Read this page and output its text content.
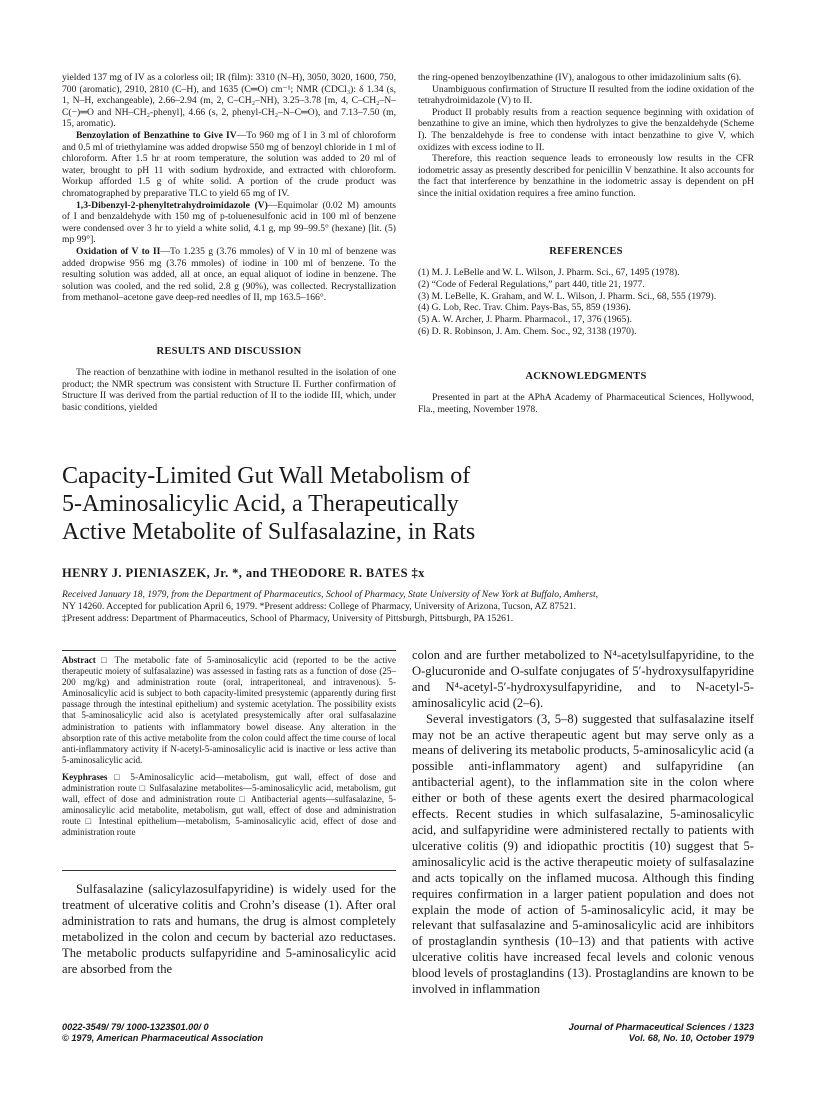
yielded 137 mg of IV as a colorless oil; IR (film): 3310 (N–H), 3050, 3020, 1600, 750, 700 (aromatic), 2910, 2810 (C–H), and 1635 (C═O) cm⁻¹; NMR (CDCl₃): δ 1.34 (s, 1, N–H, exchangeable), 2.66–2.94 (m, 2, C–CH₂–NH), 3.25–3.78 [m, 4, C–CH₂–N–C(−)═O and NH–CH₂-phenyl], 4.66 (s, 2, phenyl-CH₂–N–C═O), and 7.13–7.50 (m, 15, aromatic).

Benzoylation of Benzathine to Give IV—To 960 mg of I in 3 ml of chloroform and 0.5 ml of triethylamine was added dropwise 550 mg of benzoyl chloride in 1 ml of chloroform. After 1.5 hr at room temperature, the solution was added to 20 ml of water, brought to pH 11 with sodium hydroxide, and extracted with chloroform. Workup afforded 1.5 g of white solid. A portion of the crude product was chromatographed by preparative TLC to yield 65 mg of IV.

1,3-Dibenzyl-2-phenyltetrahydroimidazole (V)—Equimolar (0.02 M) amounts of I and benzaldehyde with 150 mg of p-toluenesulfonic acid in 100 ml of benzene were condensed over 3 hr to yield a white solid, 4.1 g, mp 99–99.5° (hexane) [lit. (5) mp 99°].

Oxidation of V to II—To 1.235 g (3.76 mmoles) of V in 10 ml of benzene was added dropwise 956 mg (3.76 mmoles) of iodine in 100 ml of benzene. To the resulting solution was added, all at once, an equal aliquot of iodine in benzene. The solution was cooled, and the red solid, 2.8 g (90%), was collected. Recrystallization from methanol–acetone gave deep-red needles of II, mp 163.5–166°.

RESULTS AND DISCUSSION

The reaction of benzathine with iodine in methanol resulted in the isolation of one product; the NMR spectrum was consistent with Structure II. Further confirmation of Structure II was derived from the partial reduction of II to the iodide III, which, under basic conditions, yielded

the ring-opened benzoylbenzathine (IV), analogous to other imidazolinium salts (6).

Unambiguous confirmation of Structure II resulted from the iodine oxidation of the tetrahydroimidazole (V) to II.

Product II probably results from a reaction sequence beginning with oxidation of benzathine to give an imine, which then hydrolyzes to give the benzaldehyde (Scheme I). The benzaldehyde is free to condense with intact benzathine to give V, which oxidizes with excess iodine to II.

Therefore, this reaction sequence leads to erroneously low results in the CFR iodometric assay as presently described for penicillin V benzathine. It also accounts for the fact that interference by benzathine in the iodometric assay is dependent on pH since the initial oxidation requires a free amino function.

REFERENCES
(1) M. J. LeBelle and W. L. Wilson, J. Pharm. Sci., 67, 1495 (1978).
(2) “Code of Federal Regulations,” part 440, title 21, 1977.
(3) M. LeBelle, K. Graham, and W. L. Wilson, J. Pharm. Sci., 68, 555 (1979).
(4) G. Lob, Rec. Trav. Chim. Pays-Bas, 55, 859 (1936).
(5) A. W. Archer, J. Pharm. Pharmacol., 17, 376 (1965).
(6) D. R. Robinson, J. Am. Chem. Soc., 92, 3138 (1970).
ACKNOWLEDGMENTS

Presented in part at the APhA Academy of Pharmaceutical Sciences, Hollywood, Fla., meeting, November 1978.

Capacity-Limited Gut Wall Metabolism of
5-Aminosalicylic Acid, a Therapeutically
Active Metabolite of Sulfasalazine, in Rats
HENRY J. PIENIASZEK, Jr. *, and THEODORE R. BATES ‡x
Received January 18, 1979, from the Department of Pharmaceutics, School of Pharmacy, State University of New York at Buffalo, Amherst,
NY 14260. Accepted for publication April 6, 1979. *Present address: College of Pharmacy, University of Arizona, Tucson, AZ 87521.
‡Present address: Department of Pharmaceutics, School of Pharmacy, University of Pittsburgh, Pittsburgh, PA 15261.

Abstract □ The metabolic fate of 5-aminosalicylic acid (reported to be the active therapeutic moiety of sulfasalazine) was assessed in fasting rats as a function of dose (25–200 mg/kg) and administration route (oral, intraperitoneal, and intravenous). 5-Aminosalicylic acid is subject to both capacity-limited presystemic (apparently during first passage through the intestinal epithelium) and systemic acetylation. The possibility exists that 5-aminosalicylic acid also is acetylated presystemically after oral sulfasalazine administration to patients with inflammatory bowel disease. Any alteration in the absorption rate of this active metabolite from the colon could affect the time course of local anti-inflammatory activity if N-acetyl-5-aminosalicylic acid is inactive or less active than 5-aminosalicylic acid.

Keyphrases □ 5-Aminosalicylic acid—metabolism, gut wall, effect of dose and administration route □ Sulfasalazine metabolites—5-aminosalicylic acid, metabolism, gut wall, effect of dose and administration route □ Antibacterial agents—sulfasalazine, 5-aminosalicylic acid metabolite, metabolism, gut wall, effect of dose and administration route □ Intestinal epithelium—metabolism, 5-aminosalicylic acid, effect of dose and administration route

Sulfasalazine (salicylazosulfapyridine) is widely used for the treatment of ulcerative colitis and Crohn’s disease (1). After oral administration to rats and humans, the drug is almost completely metabolized in the colon and cecum by bacterial azo reductases. The metabolic products sulfapyridine and 5-aminosalicylic acid are absorbed from the

colon and are further metabolized to N⁴-acetylsulfapyridine, to the O-glucuronide and O-sulfate conjugates of 5′-hydroxysulfapyridine and N⁴-acetyl-5′-hydroxysulfapyridine, and to N-acetyl-5-aminosalicylic acid (2–6).

Several investigators (3, 5–8) suggested that sulfasalazine itself may not be an active therapeutic agent but may serve only as a means of delivering its metabolic products, 5-aminosalicylic acid (a possible anti-inflammatory agent) and sulfapyridine (an antibacterial agent), to the inflammation site in the colon where either or both of these agents exert the desired pharmacological effects. Recent studies in which sulfasalazine, 5-aminosalicylic acid, and sulfapyridine were administered rectally to patients with ulcerative colitis (9) and idiopathic proctitis (10) suggest that 5-aminosalicylic acid is the active therapeutic moiety of sulfasalazine and acts topically on the inflamed mucosa. Although this finding requires confirmation in a larger patient population and does not explain the mode of action of 5-aminosalicylic acid, it may be relevant that sulfasalazine and 5-aminosalicylic acid are inhibitors of prostaglandin synthesis (10–13) and that patients with active ulcerative colitis have increased fecal levels and colonic venous blood levels of prostaglandins (13). Prostaglandins are known to be involved in inflammation

0022-3549/ 79/ 1000-1323$01.00/ 0
© 1979, American Pharmaceutical Association
Journal of Pharmaceutical Sciences / 1323
Vol. 68, No. 10, October 1979
